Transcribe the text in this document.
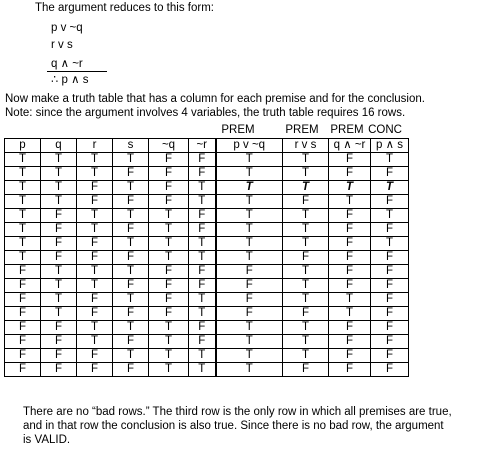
The argument reduces to this form:
p v ~q
r v s
q ∧ ~r
∴ p ∧ s
Now make a truth table that has a column for each premise and for the conclusion.
Note: since the argument involves 4 variables, the truth table requires 16 rows.
PREM	PREM	PREM CONC
p	q	r	s	~q	~r	p v ~q	r v s	q ∧ ~r	p ∧ s
T	T	T	T	F	F	T	T	F	T
T	T	T	F	F	F	T	T	F	F
T	T	F	T	F	T	T	T	T	T
T	T	F	F	F	T	T	F	T	F
T	F	T	T	T	F	T	T	F	T
T	F	T	F	T	F	T	T	F	F
T	F	F	T	T	T	T	T	F	T
T	F	F	F	T	T	T	F	F	F
F	T	T	T	F	F	F	T	F	F
F	T	T	F	F	F	F	T	F	F
F	T	F	T	F	T	F	T	T	F
F	T	F	F	F	T	F	F	T	F
F	F	T	T	T	F	T	T	F	F
F	F	T	F	T	F	T	T	F	F
F	F	F	T	T	T	T	T	F	F
F	F	F	F	T	T	T	F	F	F
There are no “bad rows.” The third row is the only row in which all premises are true, and in that row the conclusion is also true. Since there is no bad row, the argument is VALID.
